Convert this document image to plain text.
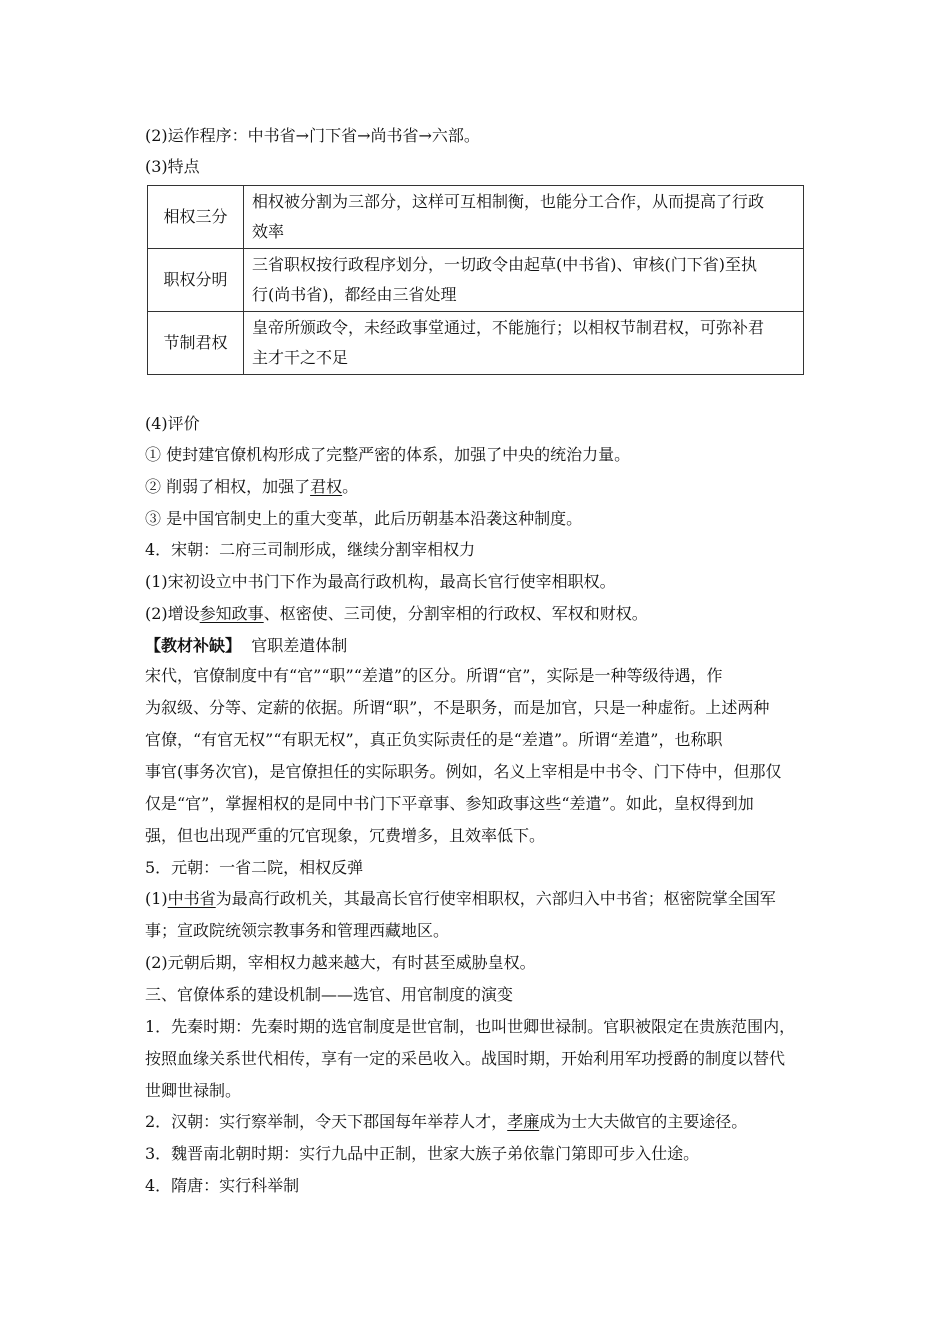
(2)运作程序：中书省→门下省→尚书省→六部。
(3)特点
相权三分	相权被分割为三部分，这样可互相制衡，也能分工合作，从而提高了行政
效率
职权分明	三省职权按行政程序划分，一切政令由起草(中书省)、审核(门下省)至执
行(尚书省)，都经由三省处理
节制君权	皇帝所颁政令，未经政事堂通过，不能施行；以相权节制君权，可弥补君
主才干之不足
(4)评价
① 使封建官僚机构形成了完整严密的体系，加强了中央的统治力量。
② 削弱了相权，加强了君权。
③ 是中国官制史上的重大变革，此后历朝基本沿袭这种制度。
4．宋朝：二府三司制形成，继续分割宰相权力
(1)宋初设立中书门下作为最高行政机构，最高长官行使宰相职权。
(2)增设参知政事、枢密使、三司使，分割宰相的行政权、军权和财权。
【教材补缺】 官职差遣体制
宋代，官僚制度中有“官”“职”“差遣”的区分。所谓“官”，实际是一种等级待遇，作
为叙级、分等、定薪的依据。所谓“职”，不是职务，而是加官，只是一种虚衔。上述两种
官僚，“有官无权”“有职无权”，真正负实际责任的是“差遣”。所谓“差遣”，也称职
事官(事务次官)，是官僚担任的实际职务。例如，名义上宰相是中书令、门下侍中，但那仅
仅是“官”，掌握相权的是同中书门下平章事、参知政事这些“差遣”。如此，皇权得到加
强，但也出现严重的冗官现象，冗费增多，且效率低下。
5．元朝：一省二院，相权反弹
(1)中书省为最高行政机关，其最高长官行使宰相职权，六部归入中书省；枢密院掌全国军
事；宣政院统领宗教事务和管理西藏地区。
(2)元朝后期，宰相权力越来越大，有时甚至威胁皇权。
三、官僚体系的建设机制——选官、用官制度的演变
1．先秦时期：先秦时期的选官制度是世官制，也叫世卿世禄制。官职被限定在贵族范围内，
按照血缘关系世代相传，享有一定的采邑收入。战国时期，开始利用军功授爵的制度以替代
世卿世禄制。
2．汉朝：实行察举制，令天下郡国每年举荐人才，孝廉成为士大夫做官的主要途径。
3．魏晋南北朝时期：实行九品中正制，世家大族子弟依靠门第即可步入仕途。
4．隋唐：实行科举制
